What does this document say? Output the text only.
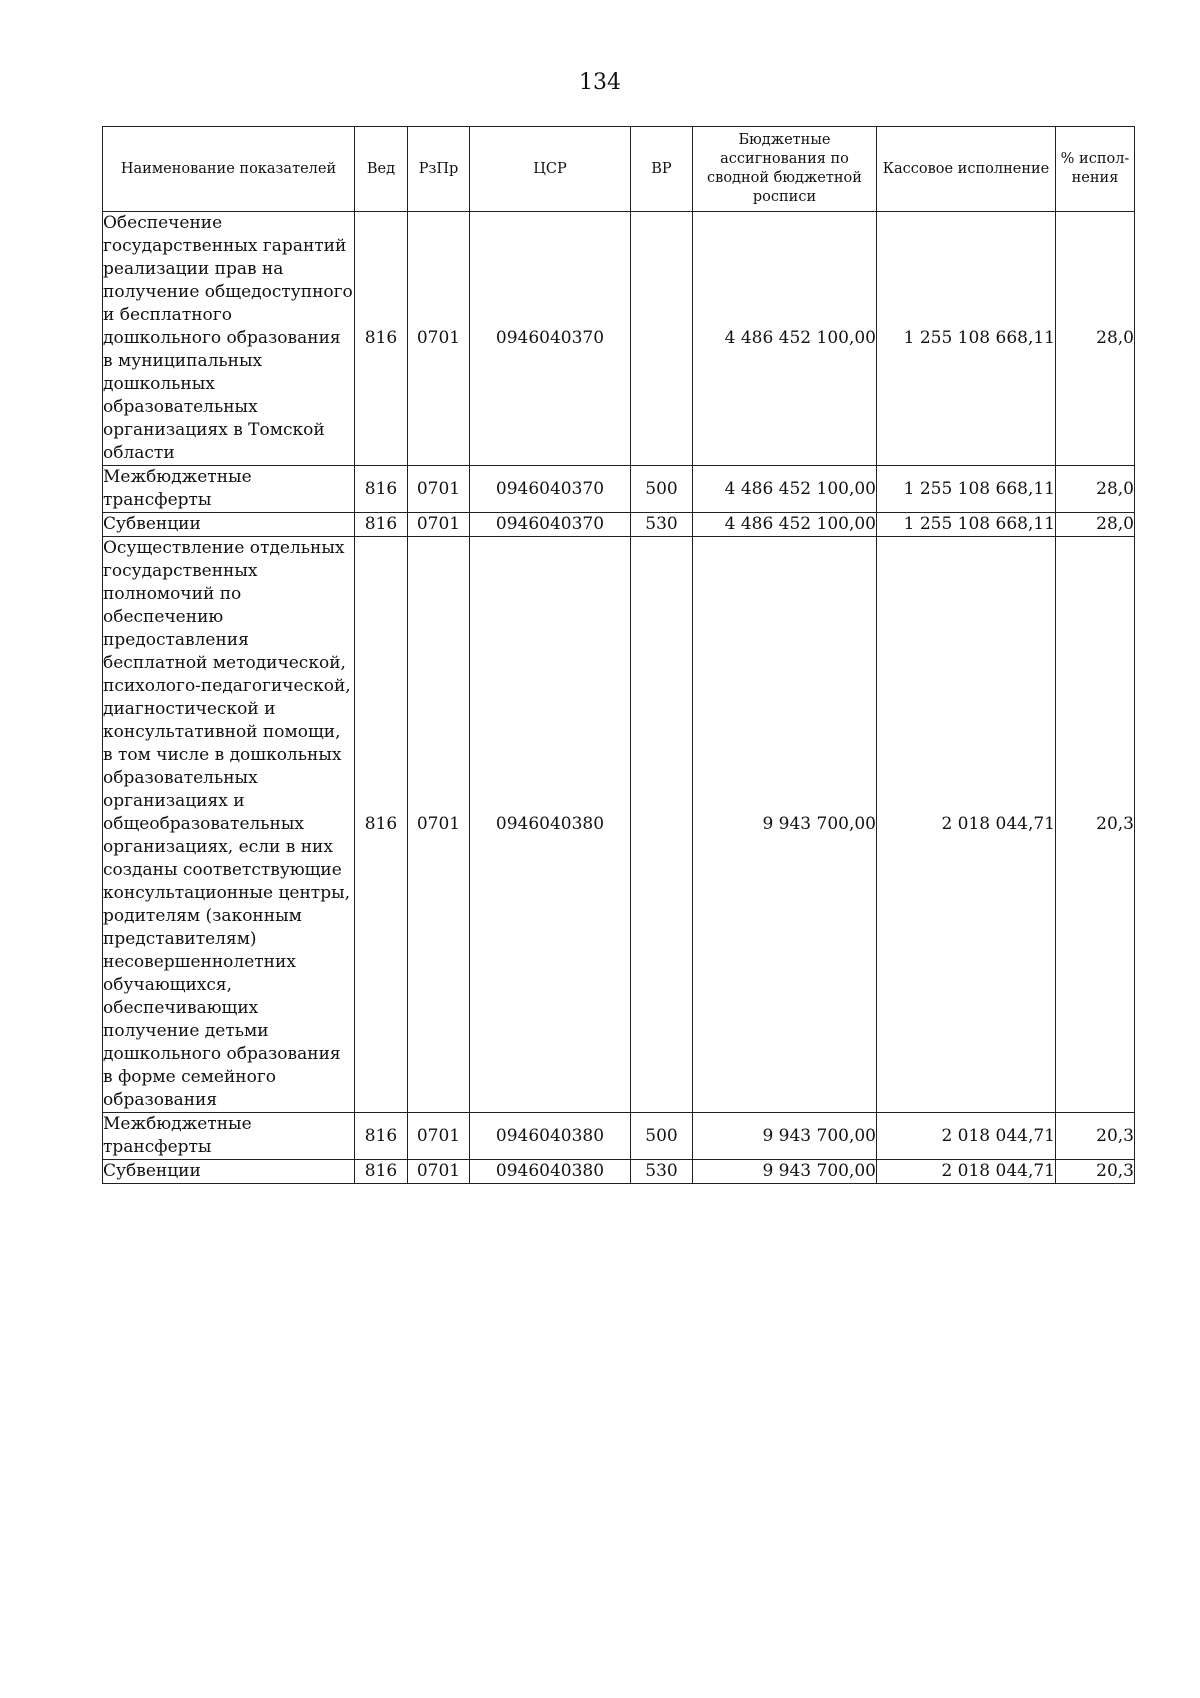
134
Наименование показателей	Вед	РзПр	ЦСР	ВР	Бюджетные ассигнования по сводной бюджетной росписи	Кассовое исполнение	% испол-нения
Обеспечение государственных гарантий реализации прав на получение общедоступного и бесплатного дошкольного образования в муниципальных дошкольных образовательных организациях в Томской области	816	0701	0946040370		4 486 452 100,00	1 255 108 668,11	28,0
Межбюджетные трансферты	816	0701	0946040370	500	4 486 452 100,00	1 255 108 668,11	28,0
Субвенции	816	0701	0946040370	530	4 486 452 100,00	1 255 108 668,11	28,0
Осуществление отдельных государственных полномочий по обеспечению предоставления бесплатной методической, психолого-педагогической, диагностической и консультативной помощи, в том числе в дошкольных образовательных организациях и общеобразовательных организациях, если в них созданы соответствующие консультационные центры, родителям (законным представителям) несовершеннолетних обучающихся, обеспечивающих получение детьми дошкольного образования в форме семейного образования	816	0701	0946040380		9 943 700,00	2 018 044,71	20,3
Межбюджетные трансферты	816	0701	0946040380	500	9 943 700,00	2 018 044,71	20,3
Субвенции	816	0701	0946040380	530	9 943 700,00	2 018 044,71	20,3
